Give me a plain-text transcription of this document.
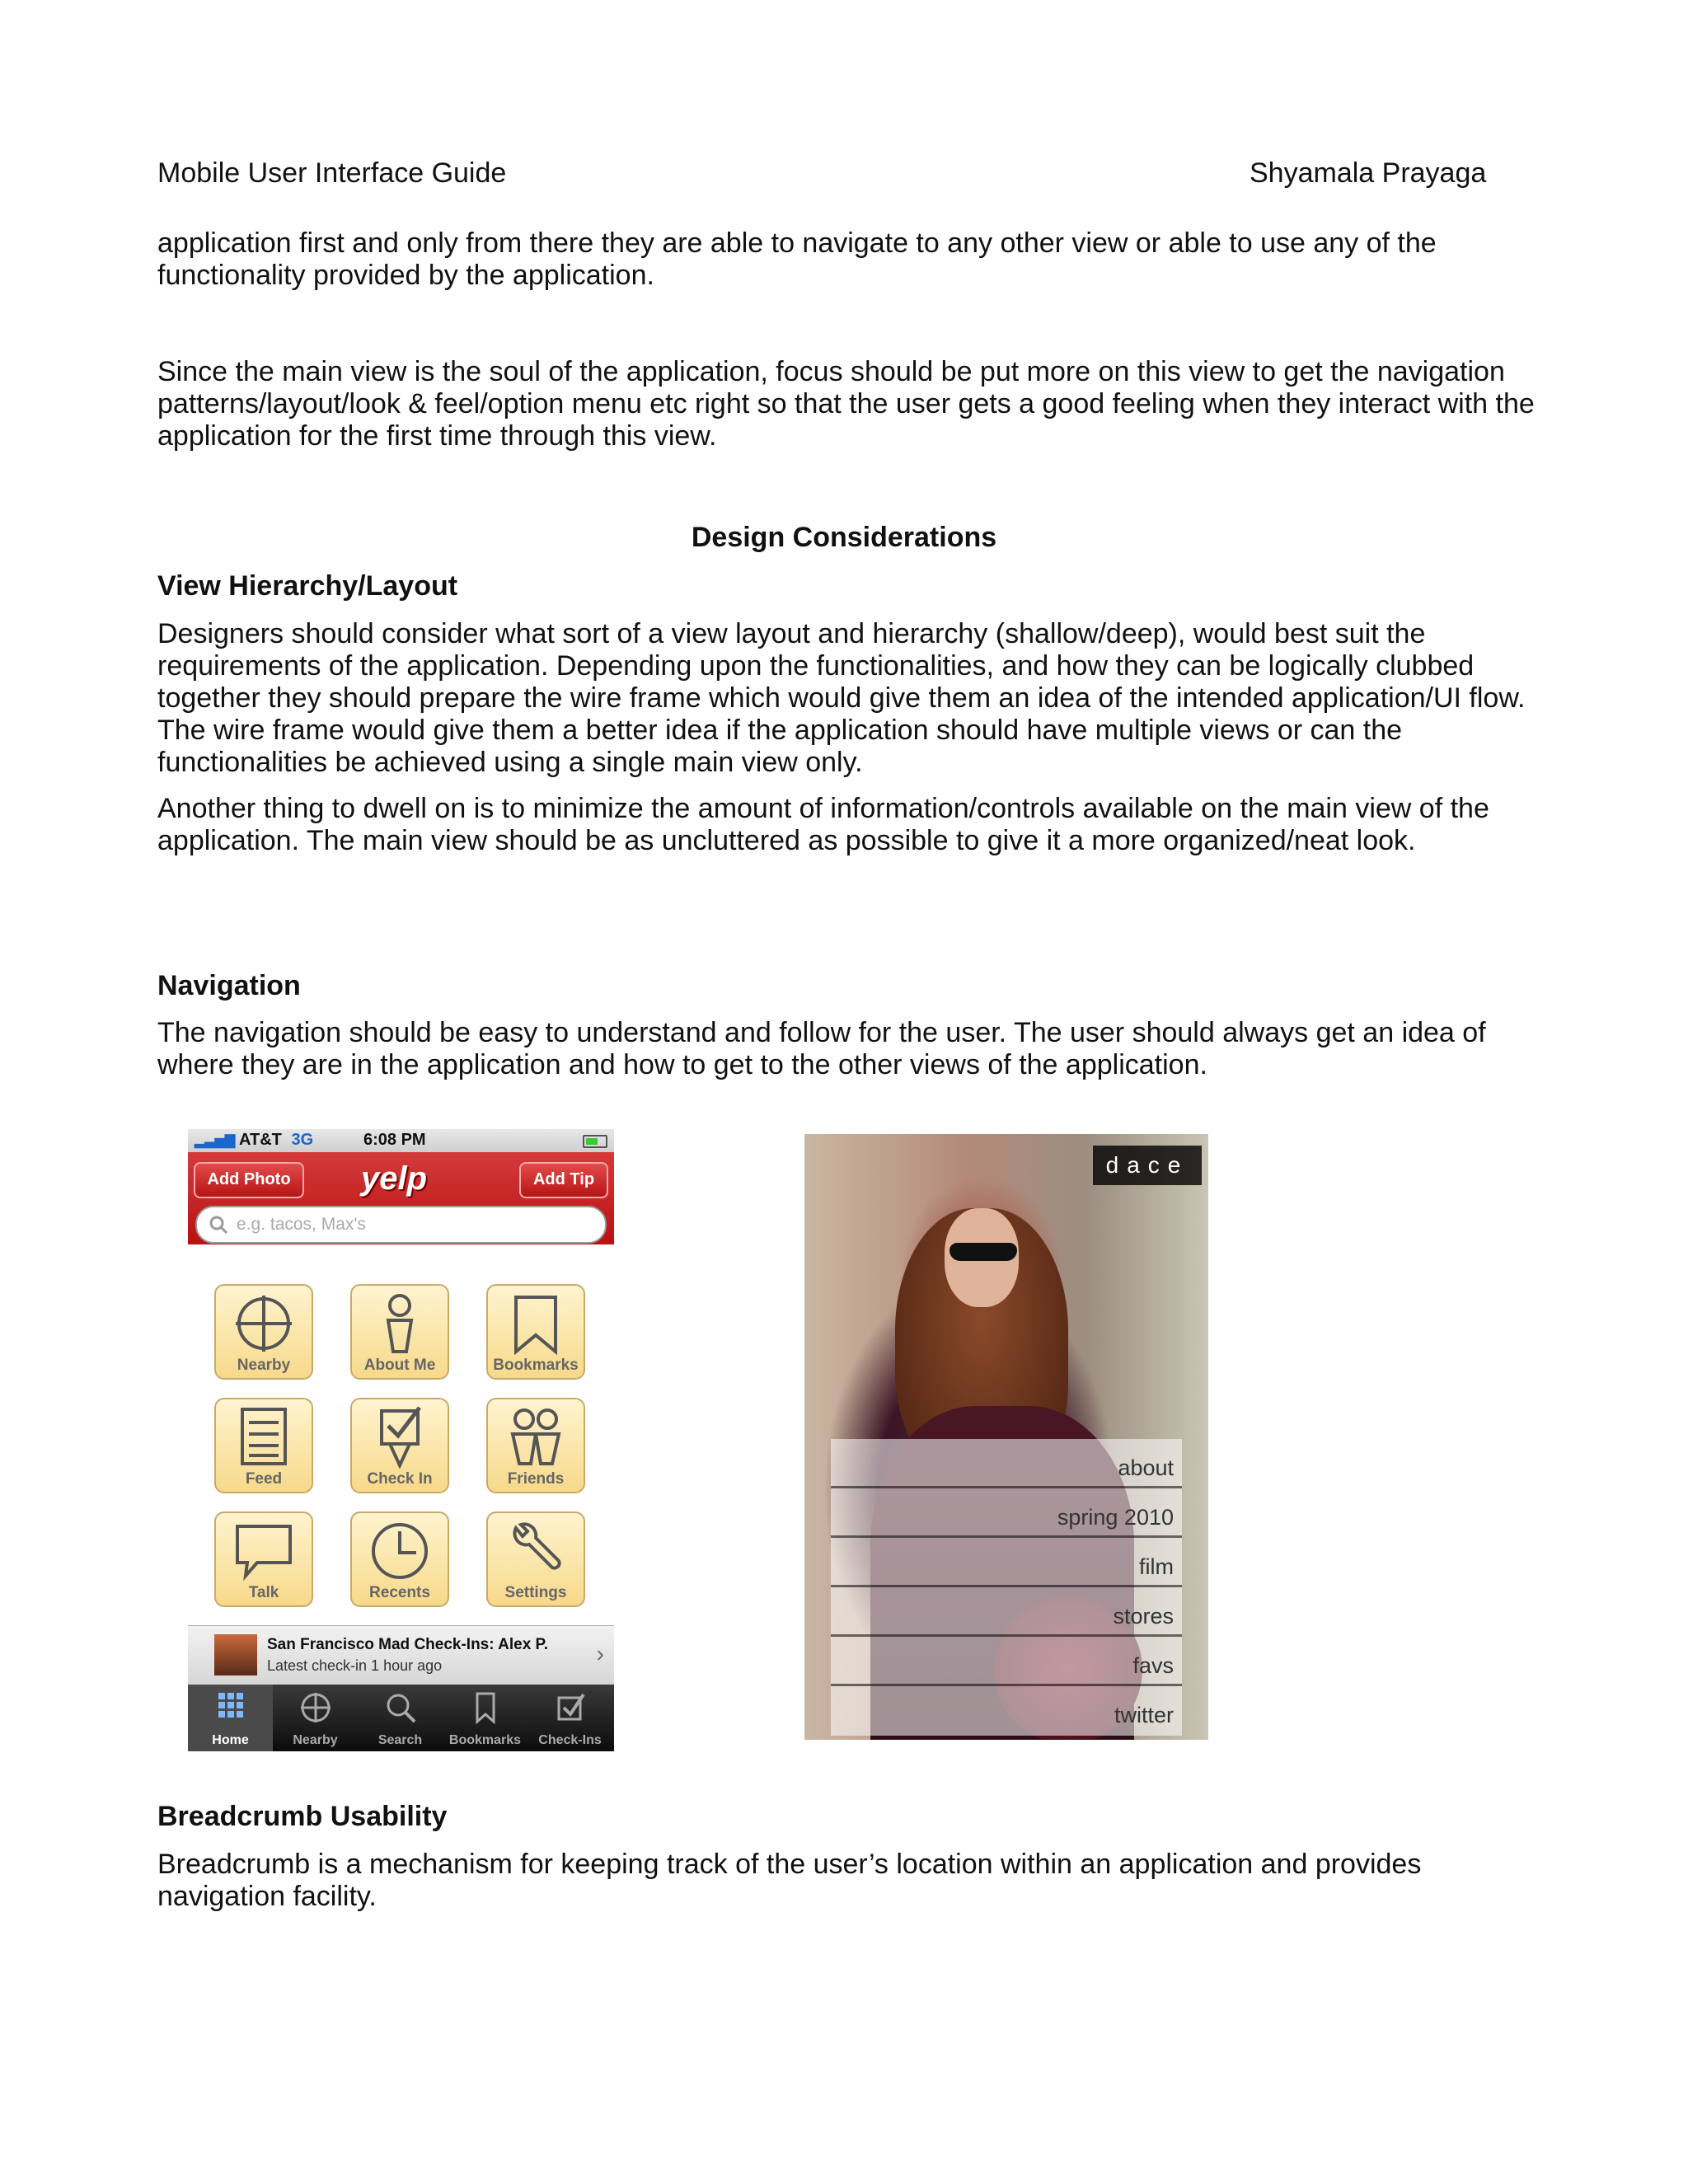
Mobile User Interface Guide	Shyamala Prayaga
application first and only from there they are able to navigate to any other view or able to use any of the
functionality provided by the application.
Since the main view is the soul of the application, focus should be put more on this view to get the navigation
patterns/layout/look & feel/option menu etc right so that the user gets a good feeling when they interact with the
application for the first time through this view.
Design Considerations
View Hierarchy/Layout
Designers should consider what sort of a view layout and hierarchy (shallow/deep), would best suit the
requirements of the application. Depending upon the functionalities, and how they can be logically clubbed
together they should prepare the wire frame which would give them an idea of the intended application/UI flow.
The wire frame would give them a better idea if the application should have multiple views or can the
functionalities be achieved using a single main view only.
Another thing to dwell on is to minimize the amount of information/controls available on the main view of the
application. The main view should be as uncluttered as possible to give it a more organized/neat look.
Navigation
The navigation should be easy to understand and follow for the user. The user should always get an idea of
where they are in the application and how to get to the other views of the application.
▂▃▅▇ AT&T 3G	6:08 PM
Add Photo	yelp	Add Tip
e.g. tacos, Max's
Nearby	About Me	Bookmarks
Feed	Check In	Friends
Talk	Recents	Settings
San Francisco Mad Check-Ins: Alex P.
Latest check-in 1 hour ago	›
Home	Nearby	Search	Bookmarks	Check-Ins
dace
about
spring 2010
film
stores
favs
twitter
Breadcrumb Usability
Breadcrumb is a mechanism for keeping track of the user’s location within an application and provides
navigation facility.
